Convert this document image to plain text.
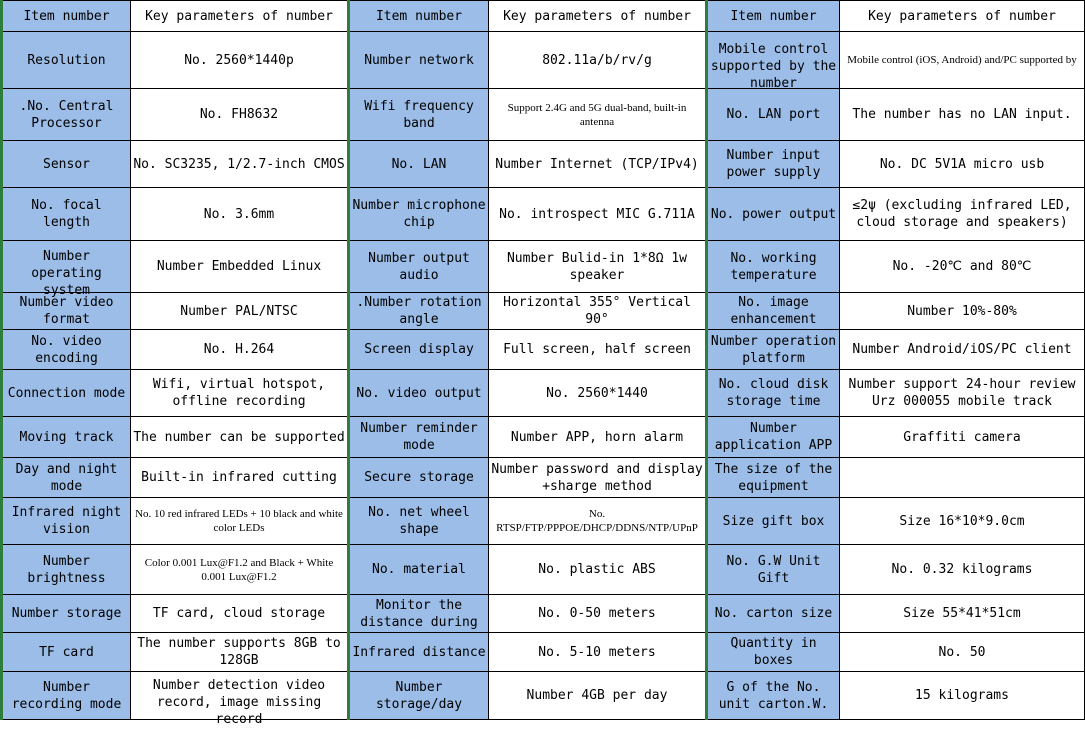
Item number	Key parameters of number	Item number	Key parameters of number	Item number	Key parameters of number

Resolution	No. 2560*1440p	Number network	802.11a/b/rv/g	Mobile control supported by the number	Mobile control (iOS, Android) and/PC supported by

.No. Central Processor	No. FH8632	Wifi frequency band	Support 2.4G and 5G dual-band, built-in antenna	No. LAN port	The number has no LAN input.

Sensor	No. SC3235, 1/2.7-inch CMOS	No. LAN	Number Internet (TCP/IPv4)	Number input power supply	No. DC 5V1A micro usb

No. focal length	No. 3.6mm	Number microphone chip	No. introspect MIC G.711A	No. power output	≤2ψ (excluding infrared LED, cloud storage and speakers)

Number operating system	Number Embedded Linux	Number output audio	Number Bulid-in 1*8Ω 1w speaker	No. working temperature	No. -20℃ and 80℃

Number video format	Number PAL/NTSC	.Number rotation angle	Horizontal 355° Vertical 90°	No. image enhancement	Number 10%-80%

No. video encoding	No. H.264	Screen display	Full screen, half screen	Number operation platform	Number Android/iOS/PC client

Connection mode	Wifi, virtual hotspot, offline recording	No. video output	No. 2560*1440	No. cloud disk storage time	Number support 24-hour review Urz 000055 mobile track

Moving track	The number can be supported	Number reminder mode	Number APP, horn alarm	Number application APP	Graffiti camera

Day and night mode	Built-in infrared cutting	Secure storage	Number password and display +sharge method	The size of the equipment	

Infrared night vision	No. 10 red infrared LEDs + 10 black and white color LEDs	No. net wheel shape	No. RTSP/FTP/PPPOE/DHCP/DDNS/NTP/UPnP	Size gift box	Size 16*10*9.0cm

Number brightness	Color 0.001 Lux@F1.2 and Black + White 0.001 Lux@F1.2	No. material	No. plastic ABS	No. G.W Unit Gift	No. 0.32 kilograms

Number storage	TF card, cloud storage	Monitor the distance during	No. 0-50 meters	No. carton size	Size 55*41*51cm

TF card	The number supports 8GB to 128GB	Infrared distance	No. 5-10 meters	Quantity in boxes	No. 50

Number recording mode	Number detection video record, image missing record	Number storage/day	Number 4GB per day	G of the No. unit carton.W.	15 kilograms
